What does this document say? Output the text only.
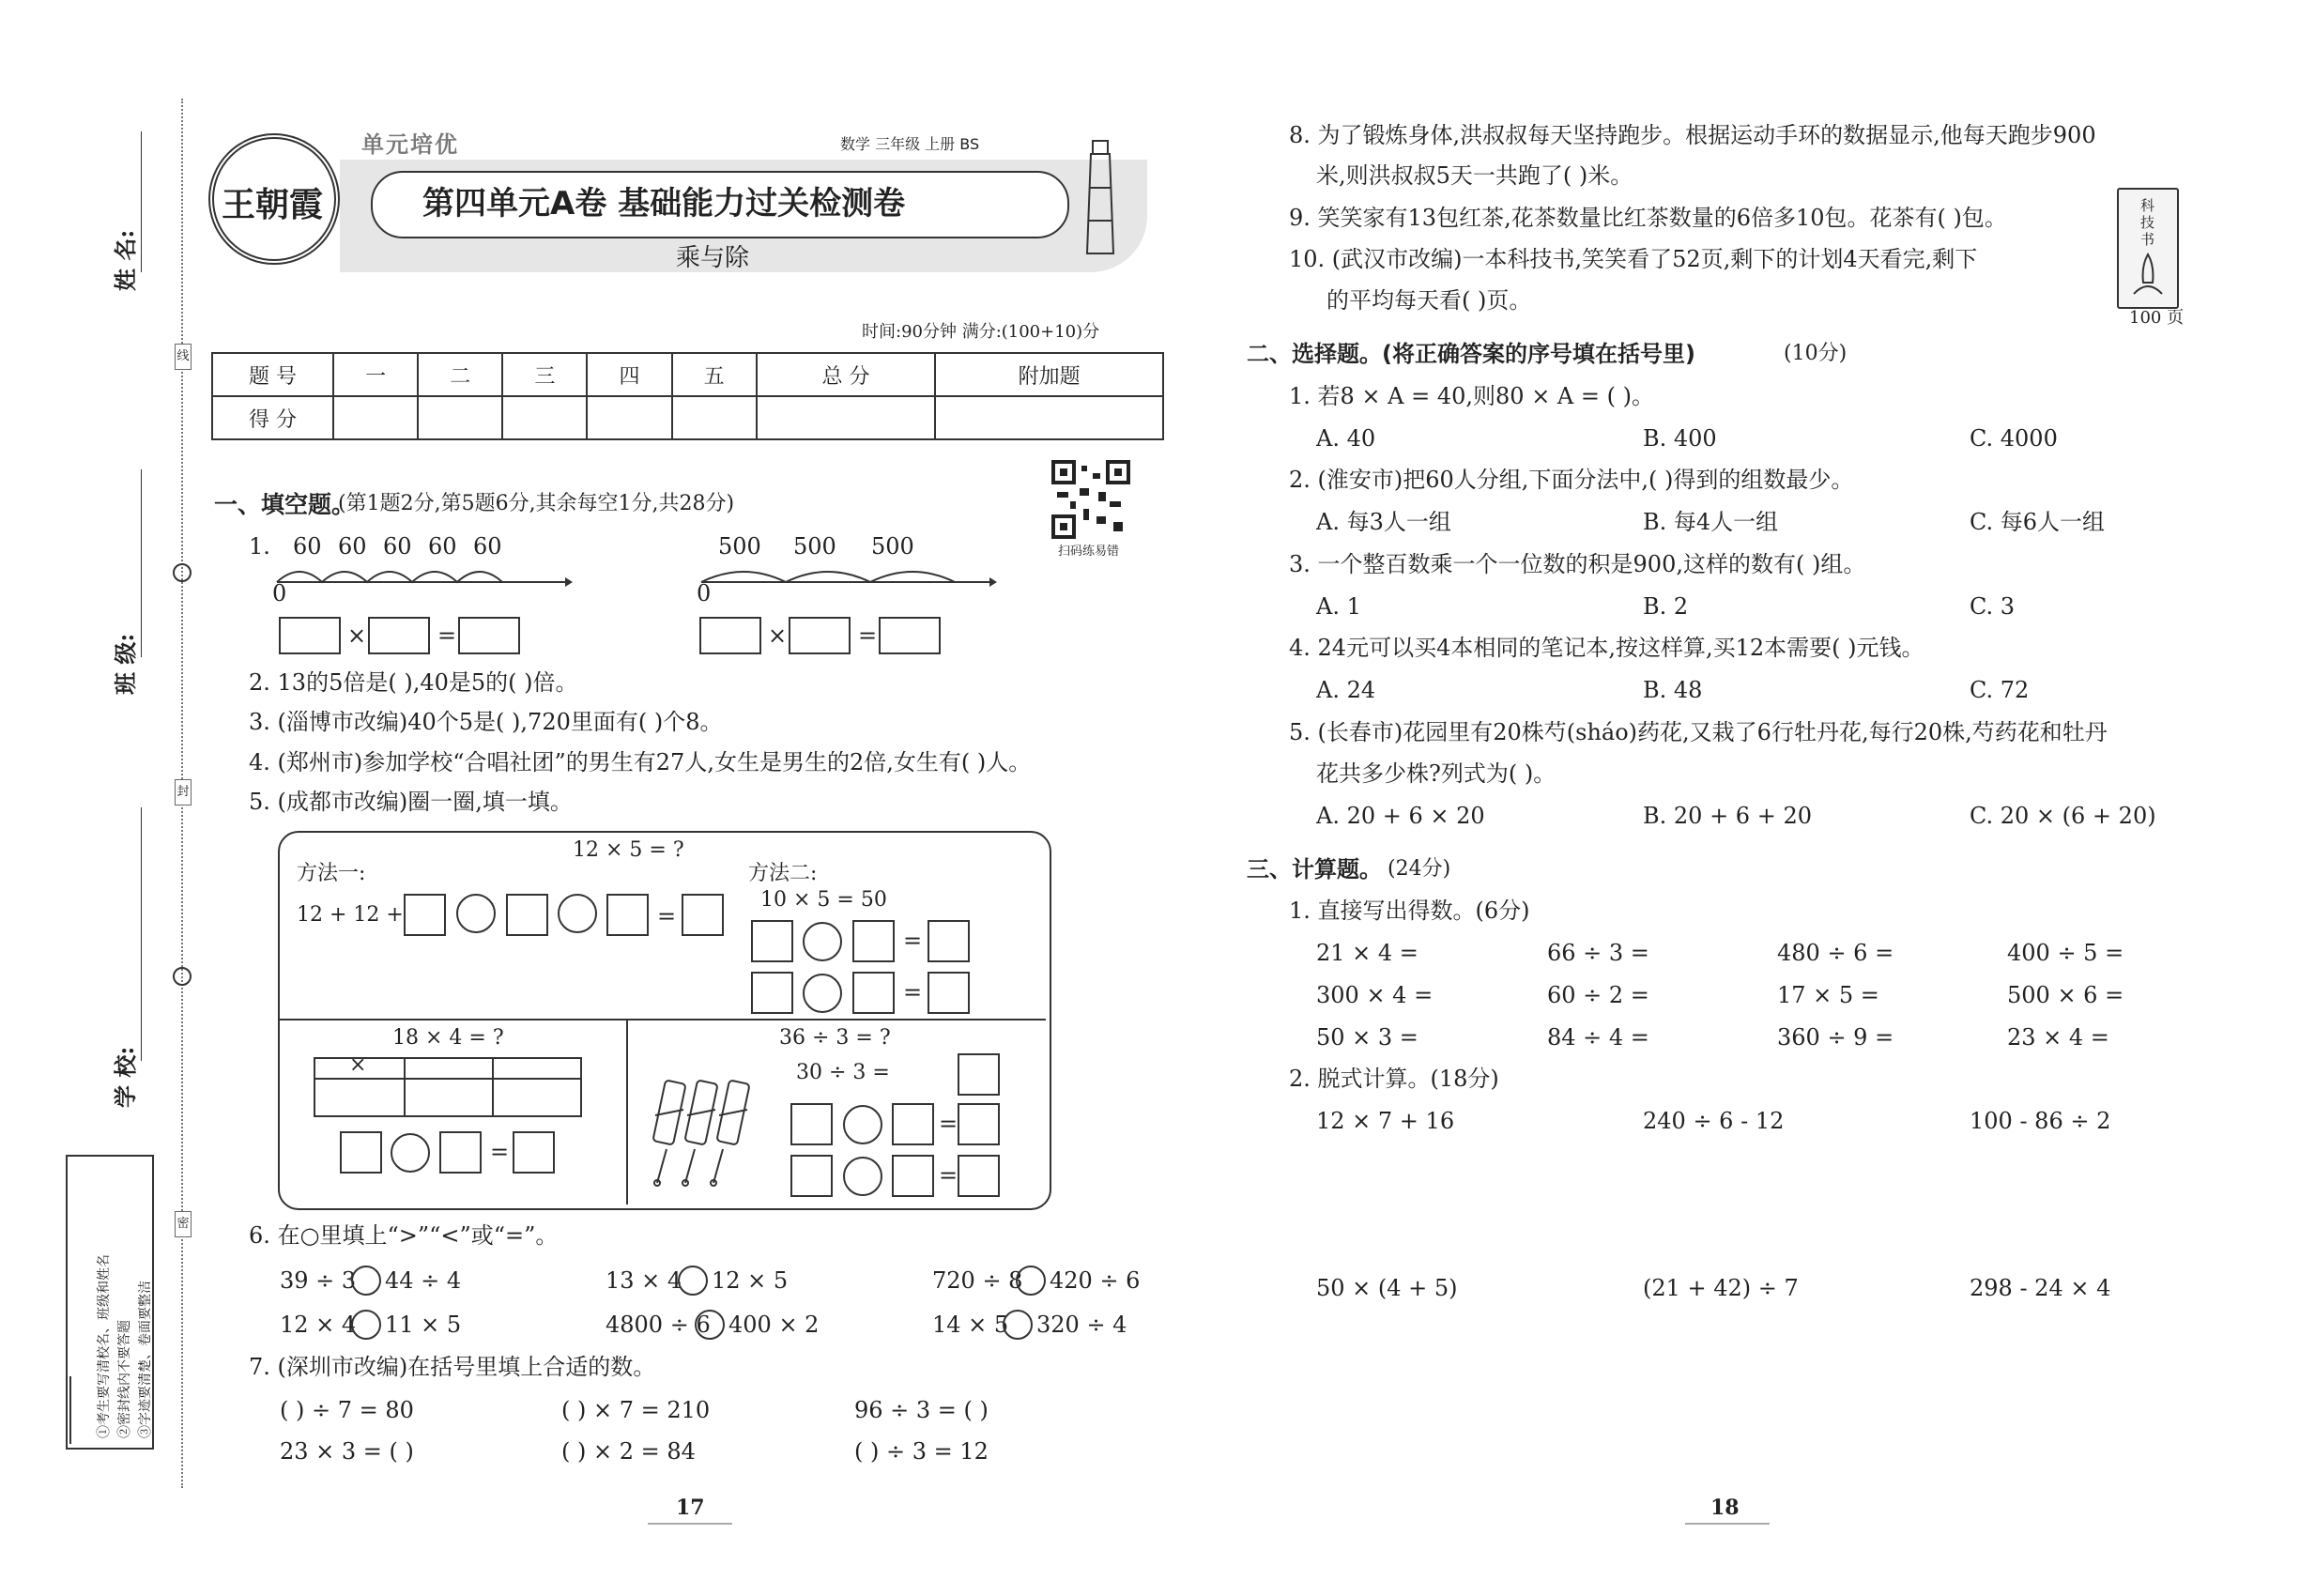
姓 名:
班 级:
学 校:
线
封
密
注意事项 ①考生要写清校名、班级和姓名 ②密封线内不要答题 ③字迹要清楚、卷面要整洁
王朝霞
单元培优	数学 三年级 上册 BS
第四单元A卷 基础能力过关检测卷
乘与除
时间:90分钟 满分:(100+10)分
题 号	一	二	三	四	五	总 分	附加题
得 分							
扫码练易错
一、填空题。
(第1题2分,第5题6分,其余每空1分,共28分)
1. 60 60 60 60 60
0
500 500 500
0
×	=	×	=
2. 13的5倍是( ),40是5的( )倍。
3. (淄博市改编)40个5是( ),720里面有( )个8。
4. (郑州市)参加学校“合唱社团”的男生有27人,女生是男生的2倍,女生有( )人。
5. (成都市改编)圈一圈,填一填。
12 × 5 = ?
方法一:
12 + 12 +	=
方法二:
10 × 5 = 50
=
=
18 × 4 = ?
×
=
36 ÷ 3 = ?
30 ÷ 3 =
=
=
6. 在○里填上“>”“<”或“=”。
39 ÷ 3 44 ÷ 4	13 × 4 12 × 5	720 ÷ 8 420 ÷ 6
12 × 4 11 × 5	4800 ÷ 6 400 × 2	14 × 5 320 ÷ 4
7. (深圳市改编)在括号里填上合适的数。
( ) ÷ 7 = 80	( ) × 7 = 210	96 ÷ 3 = ( )
23 × 3 = ( )	( ) × 2 = 84	( ) ÷ 3 = 12
17	18
8. 为了锻炼身体,洪叔叔每天坚持跑步。根据运动手环的数据显示,他每天跑步900
米,则洪叔叔5天一共跑了( )米。
9. 笑笑家有13包红茶,花茶数量比红茶数量的6倍多10包。花茶有( )包。
10. (武汉市改编)一本科技书,笑笑看了52页,剩下的计划4天看完,剩下
的平均每天看( )页。
科技书
100 页
二、选择题。(将正确答案的序号填在括号里)	(10分)
1. 若8 × A = 40,则80 × A = ( )。
A. 40	B. 400	C. 4000
2. (淮安市)把60人分组,下面分法中,( )得到的组数最少。
A. 每3人一组	B. 每4人一组	C. 每6人一组
3. 一个整百数乘一个一位数的积是900,这样的数有( )组。
A. 1	B. 2	C. 3
4. 24元可以买4本相同的笔记本,按这样算,买12本需要( )元钱。
A. 24	B. 48	C. 72
5. (长春市)花园里有20株芍(sháo)药花,又栽了6行牡丹花,每行20株,芍药花和牡丹
花共多少株?列式为( )。
A. 20 + 6 × 20	B. 20 + 6 + 20	C. 20 × (6 + 20)
三、计算题。 (24分)
1. 直接写出得数。(6分)
21 × 4 =	66 ÷ 3 =	480 ÷ 6 =	400 ÷ 5 =
300 × 4 =	60 ÷ 2 =	17 × 5 =	500 × 6 =
50 × 3 =	84 ÷ 4 =	360 ÷ 9 =	23 × 4 =
2. 脱式计算。(18分)
12 × 7 + 16	240 ÷ 6 - 12	100 - 86 ÷ 2
50 × (4 + 5)	(21 + 42) ÷ 7	298 - 24 × 4
